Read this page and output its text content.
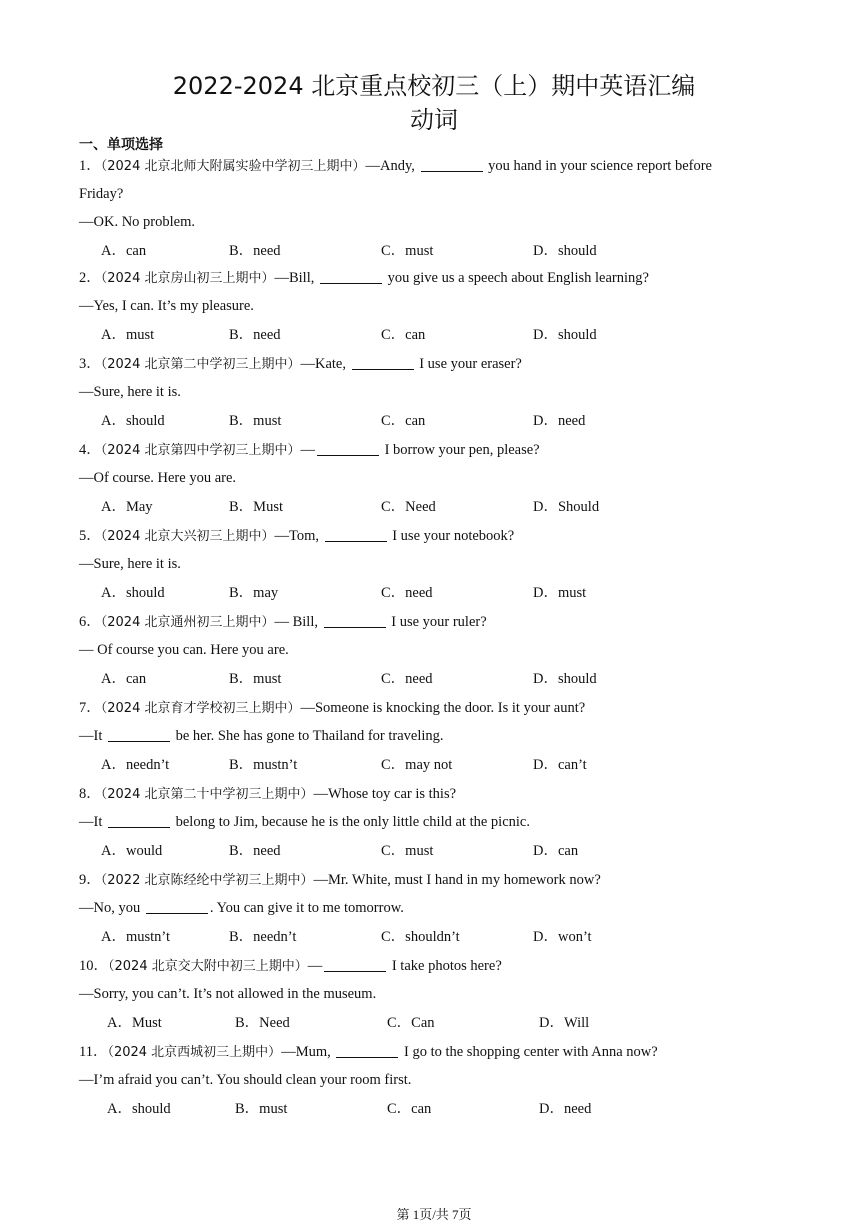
2022-2024 北京重点校初三（上）期中英语汇编
动词
一、单项选择
1．（2024 北京北师大附属实验中学初三上期中）—Andy,	you hand in your science report before
Friday?
—OK. No problem.
A．can	B．need	C．must	D．should
2．（2024 北京房山初三上期中）—Bill,	you give us a speech about English learning?
—Yes, I can. It’s my pleasure.
A．must	B．need	C．can	D．should
3．（2024 北京第二中学初三上期中）—Kate,	I use your eraser?
—Sure, here it is.
A．should	B．must	C．can	D．need
4．（2024 北京第四中学初三上期中）—	I borrow your pen, please?
—Of course. Here you are.
A．May	B．Must	C．Need	D．Should
5．（2024 北京大兴初三上期中）—Tom,	I use your notebook?
—Sure, here it is.
A．should	B．may	C．need	D．must
6．（2024 北京通州初三上期中）— Bill,	I use your ruler?
— Of course you can. Here you are.
A．can	B．must	C．need	D．should
7．（2024 北京育才学校初三上期中）—Someone is knocking the door. Is it your aunt?
—It	be her. She has gone to Thailand for traveling.
A．needn’t	B．mustn’t	C．may not	D．can’t
8．（2024 北京第二十中学初三上期中）—Whose toy car is this?
—It	belong to Jim, because he is the only little child at the picnic.
A．would	B．need	C．must	D．can
9．（2022 北京陈经纶中学初三上期中）—Mr. White, must I hand in my homework now?
—No, you	. You can give it to me tomorrow.
A．mustn’t	B．needn’t	C．shouldn’t	D．won’t
10．（2024 北京交大附中初三上期中）—	I take photos here?
—Sorry, you can’t. It’s not allowed in the museum.
A．Must	B．Need	C．Can	D．Will
11．（2024 北京西城初三上期中）—Mum,	I go to the shopping center with Anna now?
—I’m afraid you can’t. You should clean your room first.
A．should	B．must	C．can	D．need
第 1页/共 7页
